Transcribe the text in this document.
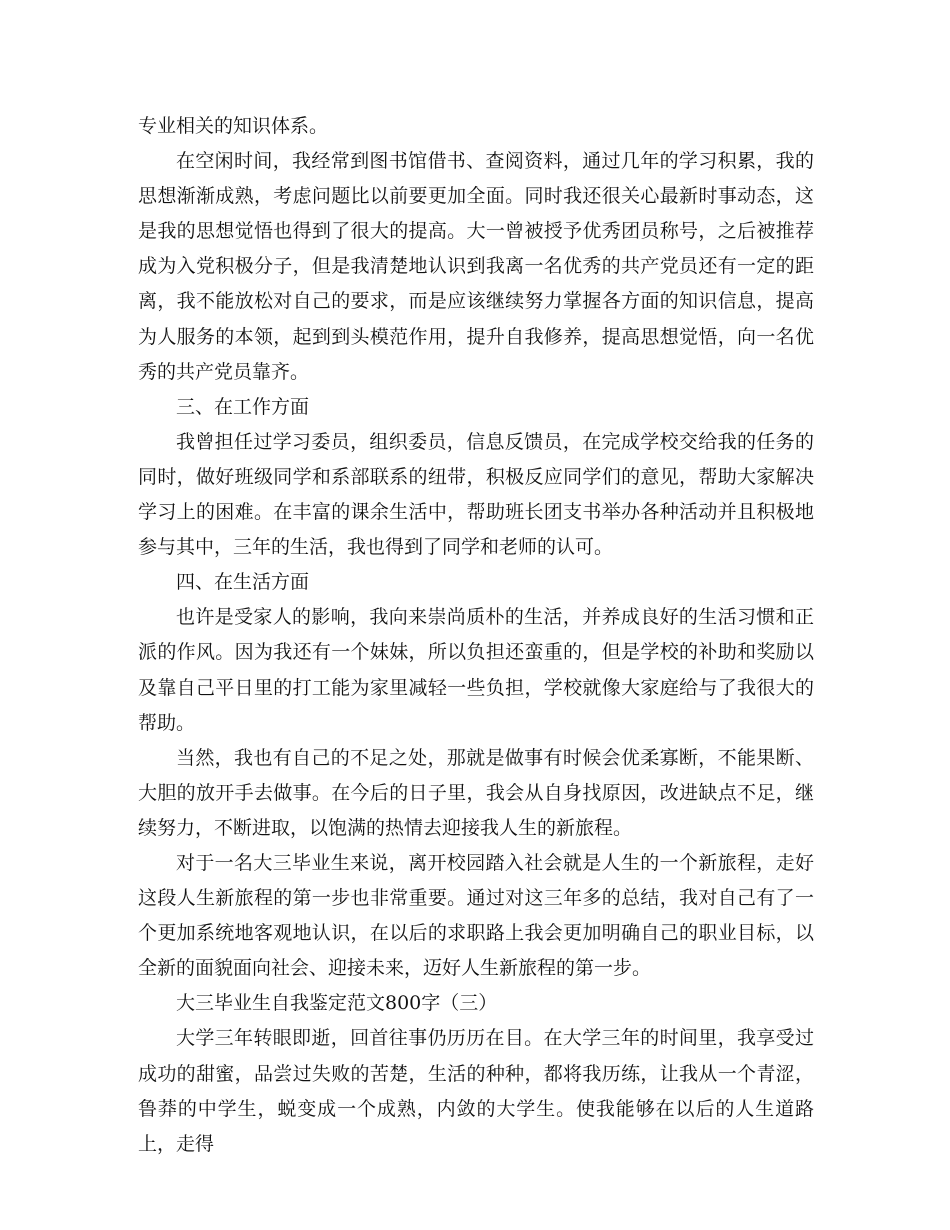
专业相关的知识体系。

在空闲时间，我经常到图书馆借书、查阅资料，通过几年的学习积累，我的思想渐渐成熟，考虑问题比以前要更加全面。同时我还很关心最新时事动态，这是我的思想觉悟也得到了很大的提高。大一曾被授予优秀团员称号，之后被推荐成为入党积极分子，但是我清楚地认识到我离一名优秀的共产党员还有一定的距离，我不能放松对自己的要求，而是应该继续努力掌握各方面的知识信息，提高为人服务的本领，起到到头模范作用，提升自我修养，提高思想觉悟，向一名优秀的共产党员靠齐。

三、在工作方面

我曾担任过学习委员，组织委员，信息反馈员，在完成学校交给我的任务的同时，做好班级同学和系部联系的纽带，积极反应同学们的意见，帮助大家解决学习上的困难。在丰富的课余生活中，帮助班长团支书举办各种活动并且积极地参与其中，三年的生活，我也得到了同学和老师的认可。

四、在生活方面

也许是受家人的影响，我向来崇尚质朴的生活，并养成良好的生活习惯和正派的作风。因为我还有一个妹妹，所以负担还蛮重的，但是学校的补助和奖励以及靠自己平日里的打工能为家里减轻一些负担，学校就像大家庭给与了我很大的帮助。

当然，我也有自己的不足之处，那就是做事有时候会优柔寡断，不能果断、大胆的放开手去做事。在今后的日子里，我会从自身找原因，改进缺点不足，继续努力，不断进取，以饱满的热情去迎接我人生的新旅程。

对于一名大三毕业生来说，离开校园踏入社会就是人生的一个新旅程，走好这段人生新旅程的第一步也非常重要。通过对这三年多的总结，我对自己有了一个更加系统地客观地认识，在以后的求职路上我会更加明确自己的职业目标，以全新的面貌面向社会、迎接未来，迈好人生新旅程的第一步。

大三毕业生自我鉴定范文800字（三）

大学三年转眼即逝，回首往事仍历历在目。在大学三年的时间里，我享受过成功的甜蜜，品尝过失败的苦楚，生活的种种，都将我历练，让我从一个青涩，鲁莽的中学生，蜕变成一个成熟，内敛的大学生。使我能够在以后的人生道路上，走得
